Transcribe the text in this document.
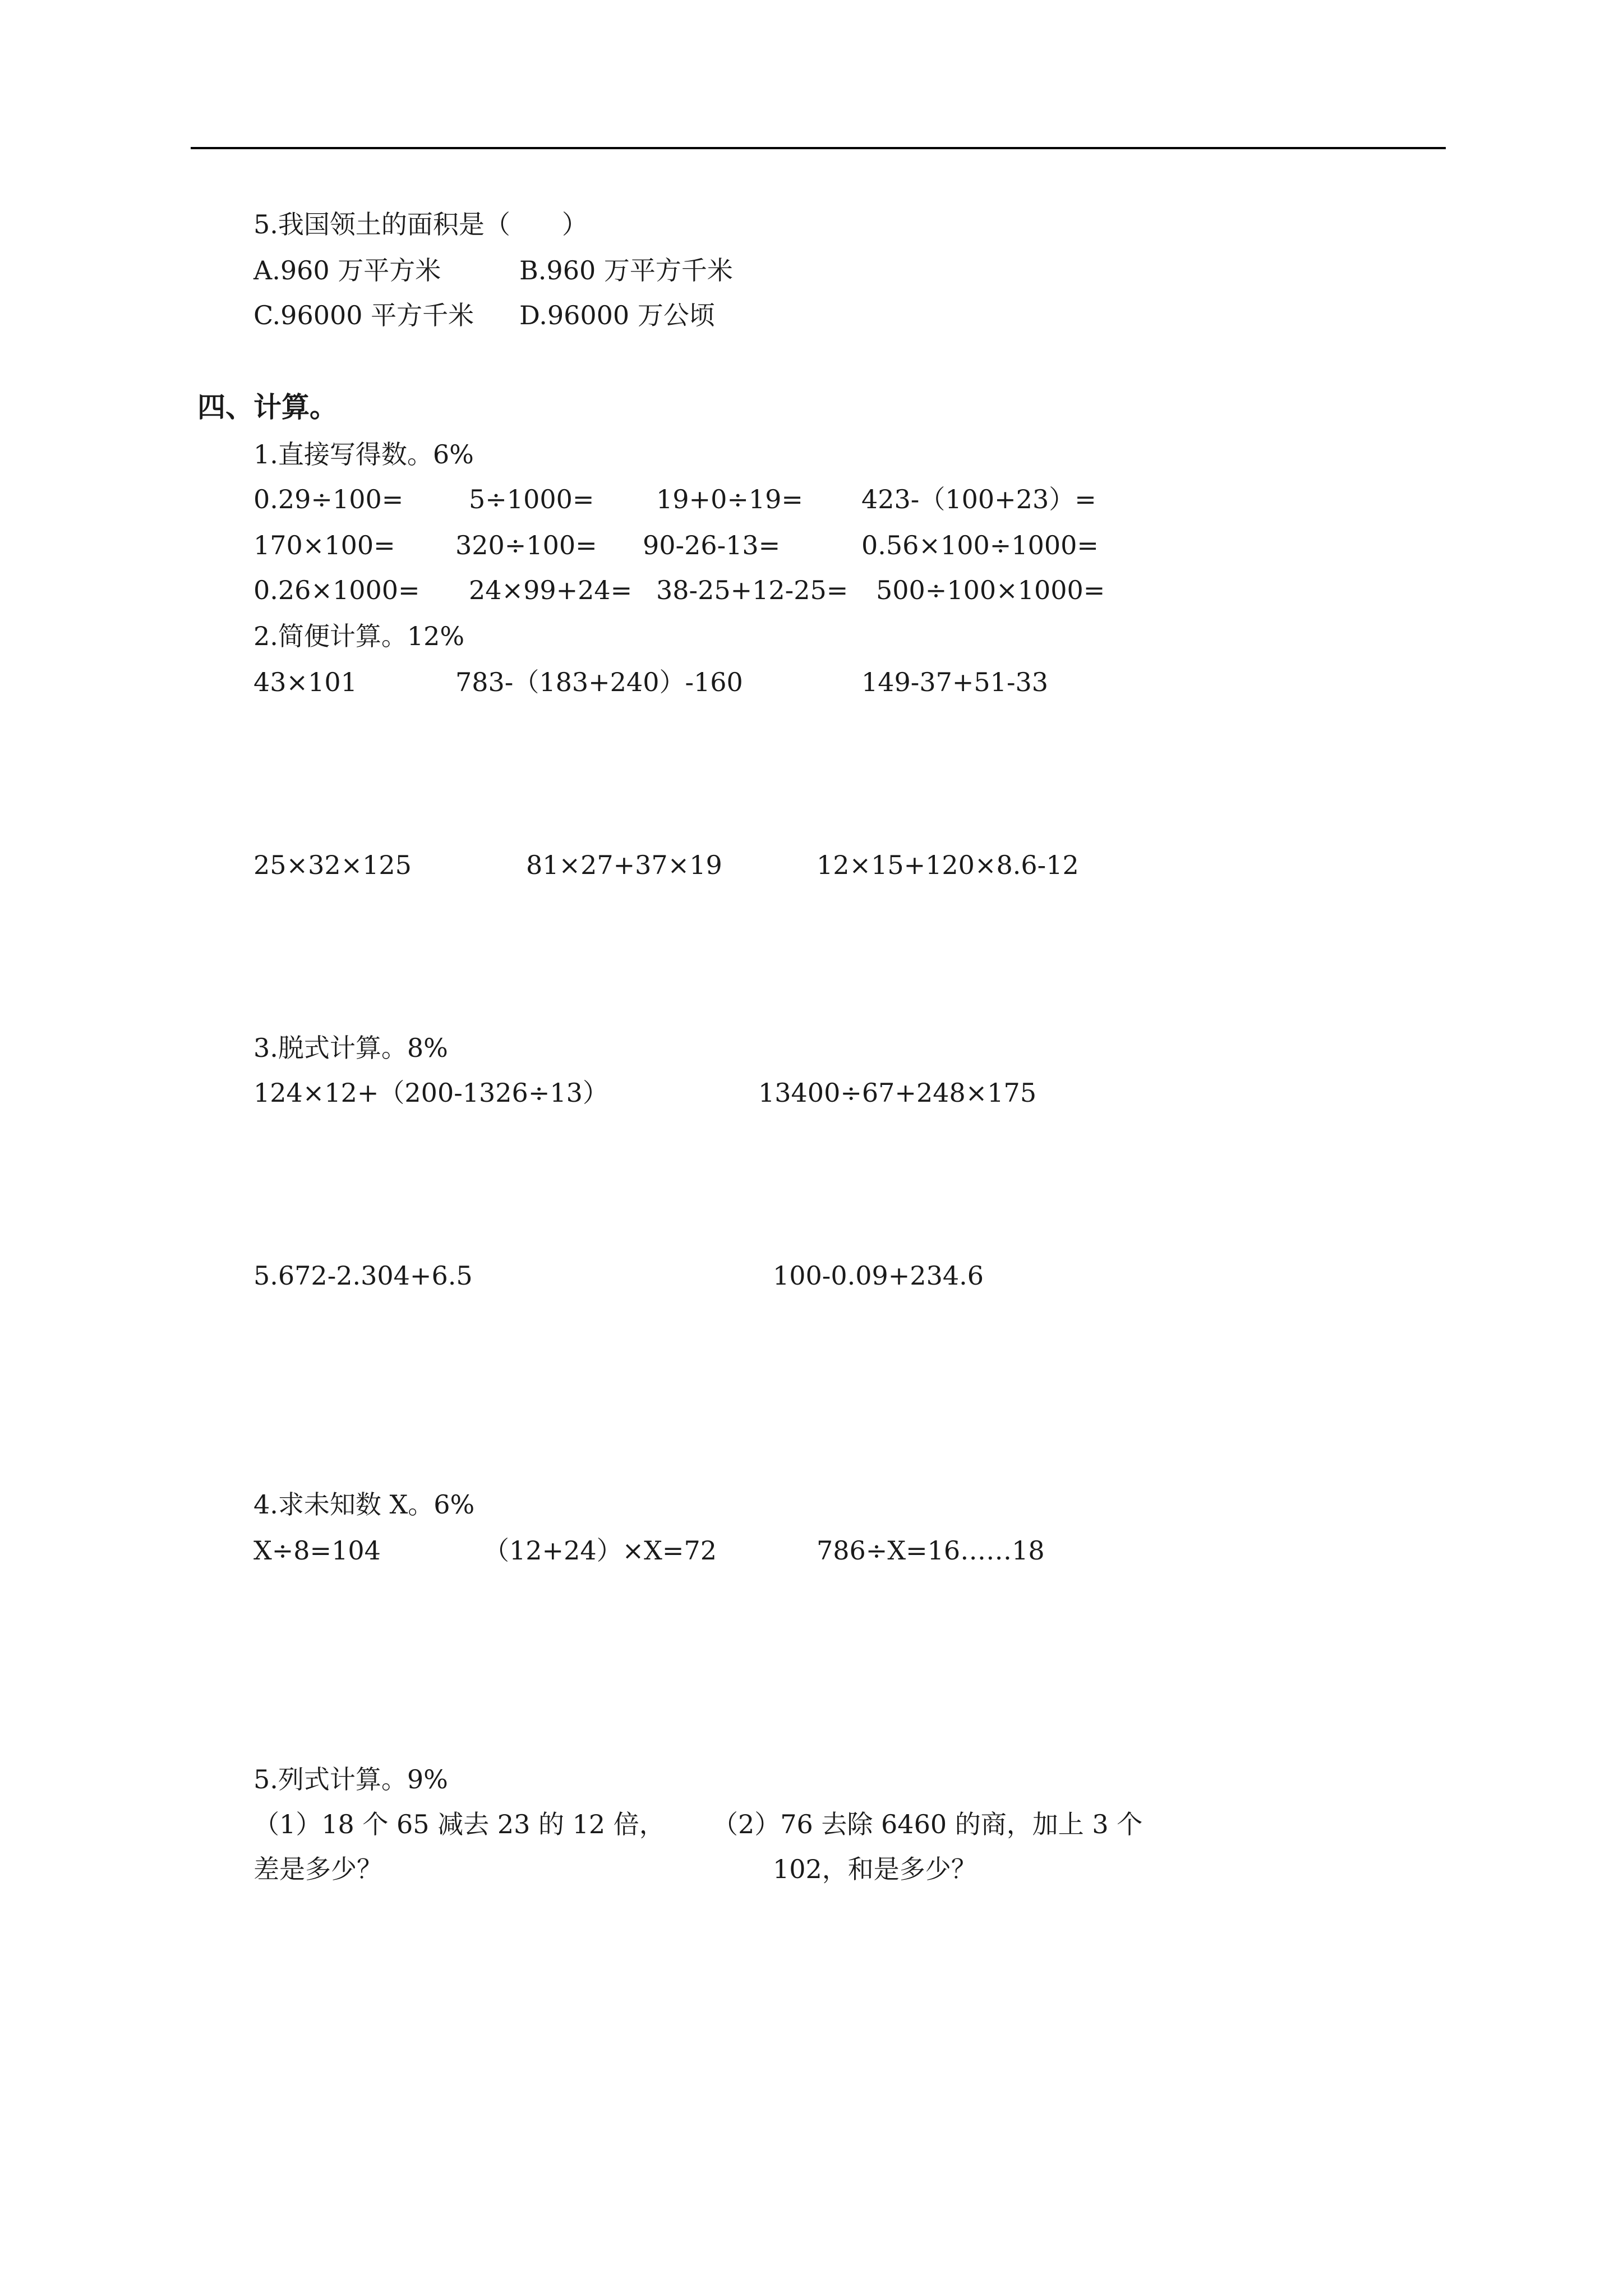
5.我国领土的面积是（　　）
A.960 万平方米	B.960 万平方千米
C.96000 平方千米 D.96000 万公顷
四、计算。
1.直接写得数。6%
0.29÷100=	5÷1000= 19+0÷19= 423-（100+23）=
170×100= 320÷100= 90-26-13=	0.56×100÷1000=
0.26×1000= 24×99+24= 38-25+12-25= 500÷100×1000=
2.简便计算。12%
43×101	783-（183+240）-160	149-37+51-33
25×32×125	81×27+37×19	12×15+120×8.6-12
3.脱式计算。8%
124×12+（200-1326÷13）	13400÷67+248×175
5.672-2.304+6.5	100-0.09+234.6
4.求未知数 X。6%
X÷8=104	（12+24）×X=72	786÷X=16……18
5.列式计算。9%
（1）18 个 65 减去 23 的 12 倍，
差是多少？
（2）76 去除 6460 的商，加上 3 个
102，和是多少？
